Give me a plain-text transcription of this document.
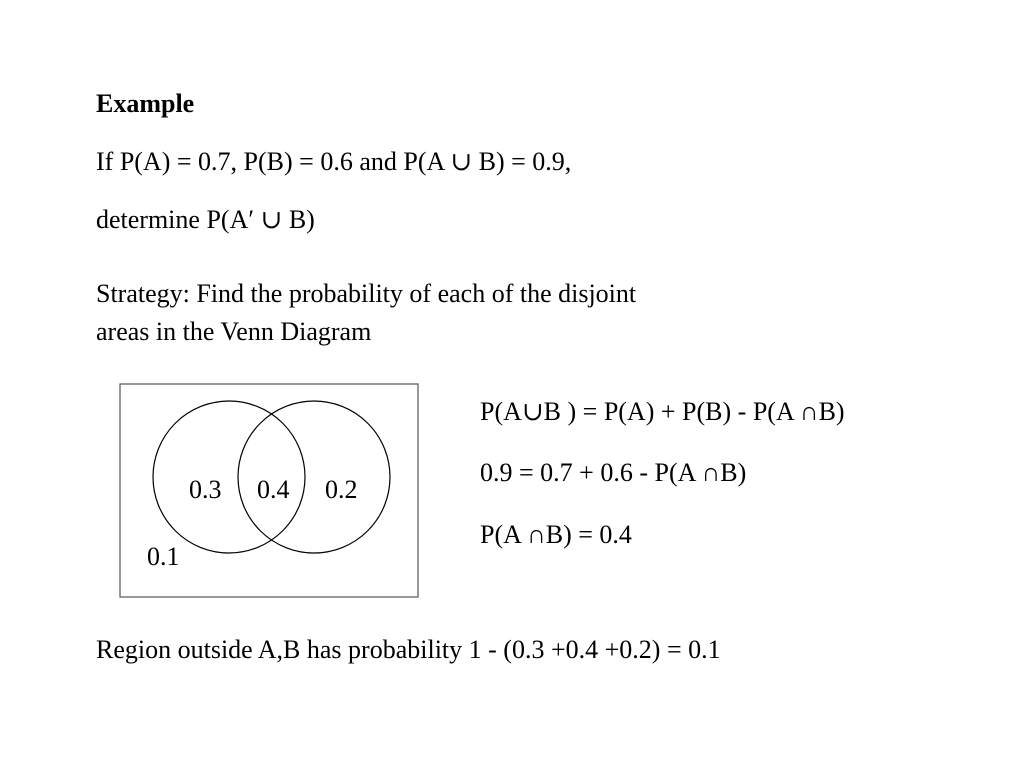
Example
If P(A) = 0.7, P(B) = 0.6 and P(A ∪ B) = 0.9,
determine P(A′ ∪ B)
Strategy: Find the probability of each of the disjoint
areas in the Venn Diagram
0.3 0.4 0.2
0.1
P(A∪B ) = P(A) + P(B) - P(A ∩B)
0.9 = 0.7 + 0.6 - P(A ∩B)
P(A ∩B) = 0.4
Region outside A,B has probability 1 - (0.3 +0.4 +0.2) = 0.1
